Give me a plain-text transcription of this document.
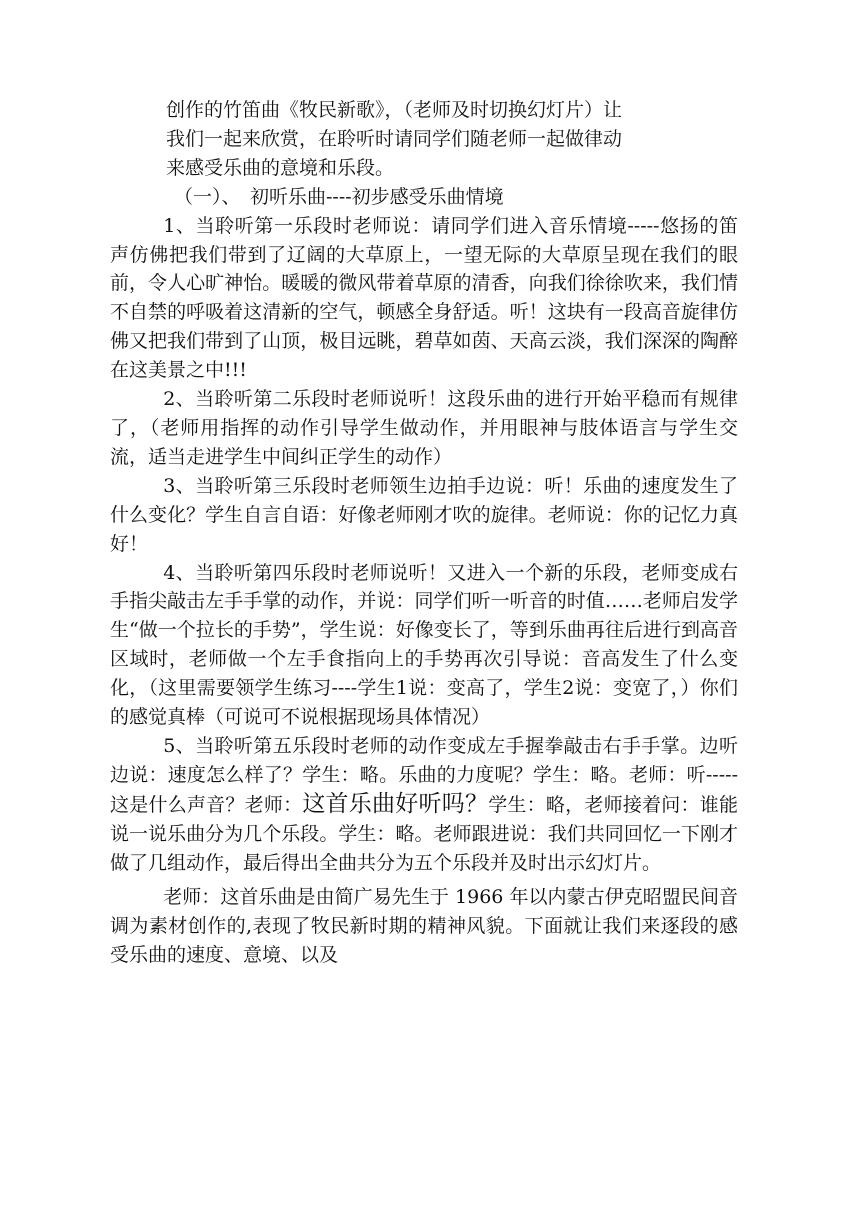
创作的竹笛曲《牧民新歌》，（老师及时切换幻灯片）让

我们一起来欣赏，在聆听时请同学们随老师一起做律动

来感受乐曲的意境和乐段。

（一）、　初听乐曲----初步感受乐曲情境

1、当聆听第一乐段时老师说：请同学们进入音乐情境-----悠扬的笛声仿佛把我们带到了辽阔的大草原上，一望无际的大草原呈现在我们的眼前，令人心旷神怡。暖暖的微风带着草原的清香，向我们徐徐吹来，我们情不自禁的呼吸着这清新的空气，顿感全身舒适。听！这块有一段高音旋律仿佛又把我们带到了山顶，极目远眺，碧草如茵、天高云淡，我们深深的陶醉在这美景之中!!!

2、当聆听第二乐段时老师说听！这段乐曲的进行开始平稳而有规律了，（老师用指挥的动作引导学生做动作，并用眼神与肢体语言与学生交流，适当走进学生中间纠正学生的动作）

3、当聆听第三乐段时老师领生边拍手边说：听！乐曲的速度发生了什么变化？学生自言自语：好像老师刚才吹的旋律。老师说：你的记忆力真好！

4、当聆听第四乐段时老师说听！又进入一个新的乐段，老师变成右手指尖敲击左手手掌的动作，并说：同学们听一听音的时值……老师启发学生“做一个拉长的手势”，学生说：好像变长了，等到乐曲再往后进行到高音区域时，老师做一个左手食指向上的手势再次引导说：音高发生了什么变化，（这里需要领学生练习----学生1说：变高了，学生2说：变宽了，）你们的感觉真棒（可说可不说根据现场具体情况）

5、当聆听第五乐段时老师的动作变成左手握拳敲击右手手掌。边听边说：速度怎么样了？学生：略。乐曲的力度呢？学生：略。老师：听-----这是什么声音？老师：这首乐曲好听吗？学生：略，老师接着问：谁能说一说乐曲分为几个乐段。学生：略。老师跟进说：我们共同回忆一下刚才做了几组动作，最后得出全曲共分为五个乐段并及时出示幻灯片。

老师：这首乐曲是由简广易先生于 1966 年以内蒙古伊克昭盟民间音调为素材创作的,表现了牧民新时期的精神风貌。下面就让我们来逐段的感受乐曲的速度、意境、以及
